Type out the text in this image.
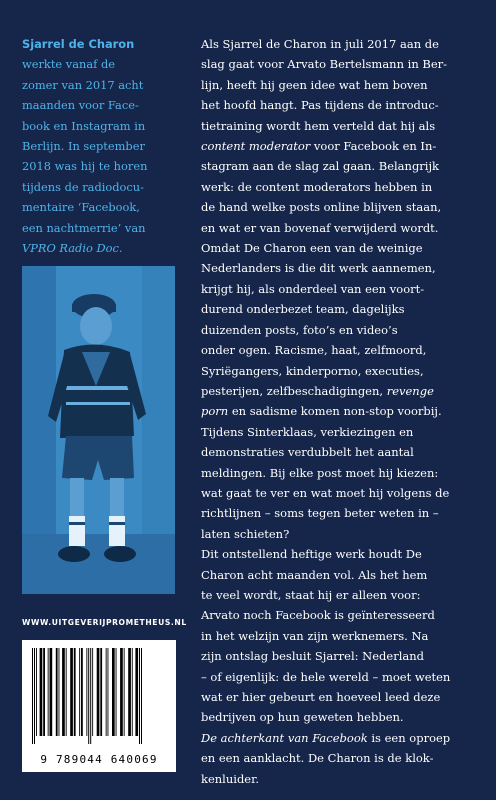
Sjarrel de Charon
werkte vanaf de
zomer van 2017 acht
maanden voor Face-
book en Instagram in
Berlijn. In september
2018 was hij te horen
tijdens de radiodocu-
mentaire ‘Facebook,
een nachtmerrie’ van
VPRO Radio Doc.
WWW.UITGEVERIJPROMETHEUS.NL
9 789044 640069
Als Sjarrel de Charon in juli 2017 aan de
slag gaat voor Arvato Bertelsmann in Ber-
lijn, heeft hij geen idee wat hem boven
het hoofd hangt. Pas tijdens de introduc-
tietraining wordt hem verteld dat hij als
content moderator voor Facebook en In-
stagram aan de slag zal gaan. Belangrijk
werk: de content moderators hebben in
de hand welke posts online blijven staan,
en wat er van bovenaf verwijderd wordt.
Omdat De Charon een van de weinige
Nederlanders is die dit werk aannemen,
krijgt hij, als onderdeel van een voort-
durend onderbezet team, dagelijks
duizenden posts, foto’s en video’s
onder ogen. Racisme, haat, zelfmoord,
Syriëgangers, kinderporno, executies,
pesterijen, zelfbeschadigingen, revenge
porn en sadisme komen non-stop voorbij.
Tijdens Sinterklaas, verkiezingen en
demonstraties verdubbelt het aantal
meldingen. Bij elke post moet hij kiezen:
wat gaat te ver en wat moet hij volgens de
richtlijnen – soms tegen beter weten in –
laten schieten?
Dit ontstellend heftige werk houdt De
Charon acht maanden vol. Als het hem
te veel wordt, staat hij er alleen voor:
Arvato noch Facebook is geïnteresseerd
in het welzijn van zijn werknemers. Na
zijn ontslag besluit Sjarrel: Nederland
– of eigenlijk: de hele wereld – moet weten
wat er hier gebeurt en hoeveel leed deze
bedrijven op hun geweten hebben.
De achterkant van Facebook is een oproep
en een aanklacht. De Charon is de klok-
kenluider.
